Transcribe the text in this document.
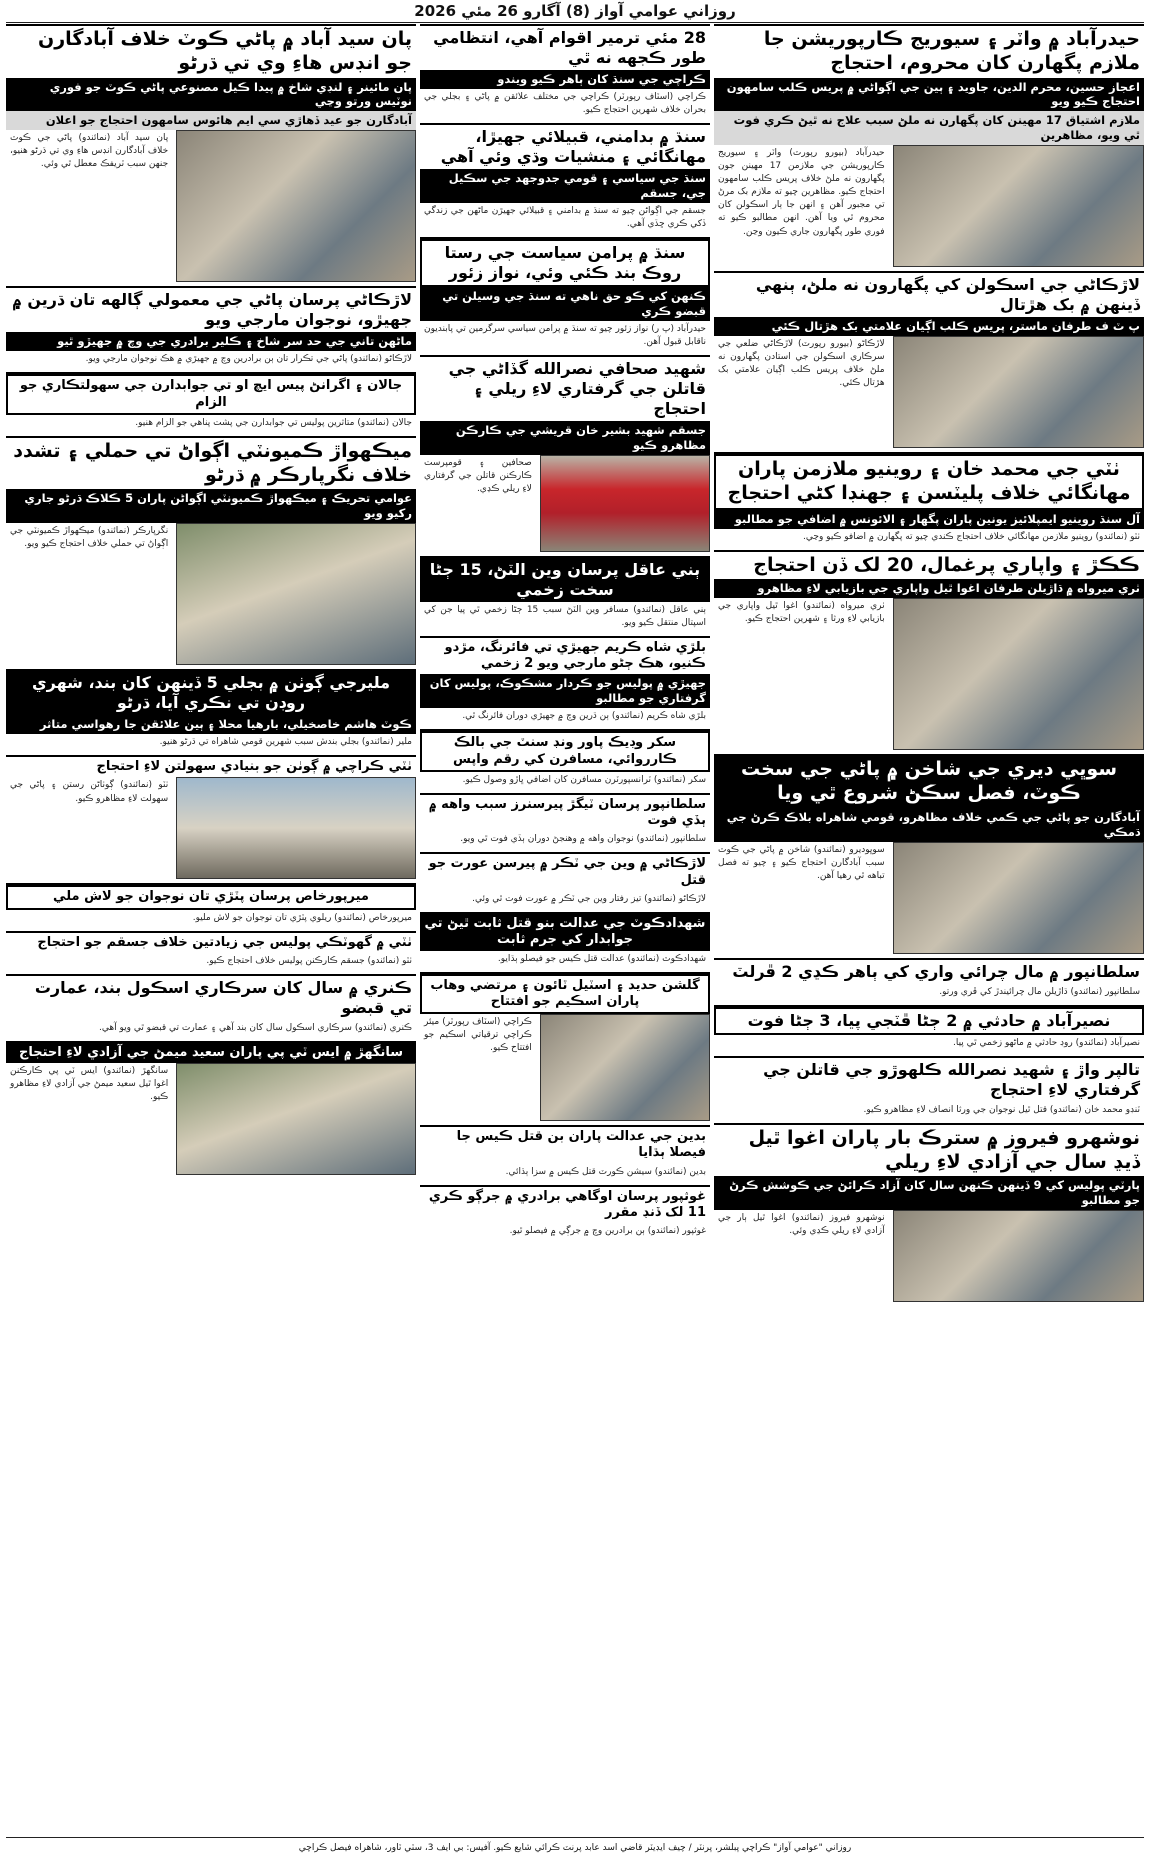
روزاني عوامي آواز (8) آگارو 26 مئي 2026
حيدرآباد ۾ واٽر ۽ سيوريج ڪارپوريشن جا ملازم پگهارن کان محروم، احتجاج
اعجاز حسين، محرم الدين، جاويد ۽ ٻين جي اڳواڻي ۾ پريس ڪلب سامهون احتجاج ڪيو ويو
ملازم اشتياق 17 مهينن کان پگهارن نه ملڻ سبب علاج نه ٿيڻ ڪري فوت ٿي ويو، مظاهرين
حيدرآباد (بيورو رپورٽ) واٽر ۽ سيوريج ڪارپوريشن جي ملازمن 17 مهينن جون پگهارون نه ملڻ خلاف پريس ڪلب سامهون احتجاج ڪيو. مظاهرين چيو ته ملازم بک مرڻ تي مجبور آهن ۽ انهن جا ٻار اسڪولن کان محروم ٿي ويا آهن. انهن مطالبو ڪيو ته فوري طور پگهارون جاري ڪيون وڃن.
لاڙڪاڻي جي اسڪولن کي پگهارون نه ملڻ، ٻنهي ڏينهن ۾ بک هڙتال
پ ٽ ف طرفان ماستر، پريس ڪلب اڳيان علامتي بک هڙتال ڪئي
لاڙڪاڻو (بيورو رپورٽ) لاڙڪاڻي ضلعي جي سرڪاري اسڪولن جي استادن پگهارون نه ملڻ خلاف پريس ڪلب اڳيان علامتي بک هڙتال ڪئي.
ٺٽي جي محمد خان ۽ روينيو ملازمن پاران مهانگائي خلاف پليٽسن ۽ جهنڊا کڻي احتجاج
آل سنڌ روينيو ايمپلائيز يونين پاران پگهار ۽ الائونس ۾ اضافي جو مطالبو
ٺٽو (نمائندو) روينيو ملازمن مهانگائي خلاف احتجاج ڪندي چيو ته پگهارن ۾ اضافو ڪيو وڃي.
ڪڪڙ ۽ واپاري پرغمال، 20 لک ڏن احتجاج
ٺري ميرواه ۾ ڌاڙيلن طرفان اغوا ٿيل واپاري جي بازيابي لاءِ مظاهرو
ٺري ميرواه (نمائندو) اغوا ٿيل واپاري جي بازيابي لاءِ ورثا ۽ شهرين احتجاج ڪيو.
سوڀي ديري جي شاخن ۾ پاڻي جي سخت ڪوٽ، فصل سڪڻ شروع ٿي ويا
آبادگارن جو پاڻي جي ڪمي خلاف مظاهرو، قومي شاهراه بلاڪ ڪرڻ جي ڌمڪي
سوڀوديرو (نمائندو) شاخن ۾ پاڻي جي ڪوٽ سبب آبادگارن احتجاج ڪيو ۽ چيو ته فصل تباهه ٿي رهيا آهن.
سلطانپور ۾ مال چرائي واري کي ٻاهر ڪڍي 2 ڦرلٽ
سلطانپور (نمائندو) ڌاڙيلن مال چرائيندڙ کي ڦري ورتو.
نصيرآباد ۾ حادثي ۾ 2 ڄڻا ڦٽجي پيا، 3 ڄڻا فوت
نصيرآباد (نمائندو) روڊ حادثي ۾ ماڻهو زخمي ٿي پيا.
تالپر واڙ ۽ شهيد نصرالله ڪلهوڙو جي قاتلن جي گرفتاري لاءِ احتجاج
ٽنڊو محمد خان (نمائندو) قتل ٿيل نوجوان جي ورثا انصاف لاءِ مظاهرو ڪيو.
نوشهرو فيروز ۾ سترڪ بار پاران اغوا ٿيل ڏيڍ سال جي آزادي لاءِ ريلي
پارٽي پوليس کي 9 ڏينهن ڪنهن سال کان آزاد ڪرائڻ جي ڪوشش ڪرڻ جو مطالبو
نوشهرو فيروز (نمائندو) اغوا ٿيل ٻار جي آزادي لاءِ ريلي ڪڍي وئي.
28 مئي ترمير اقوام آهي، انتظامي طور ڪجهه نه ٿي
ڪراچي جي سنڌ کان ٻاهر ڪيو ويندو
ڪراچي (اسٽاف رپورٽر) ڪراچي جي مختلف علائقن ۾ پاڻي ۽ بجلي جي بحران خلاف شهرين احتجاج ڪيو.
سنڌ ۾ بدامني، قبيلائي جهيڙا، مهانگائي ۽ منشيات وڌي وئي آهي
سنڌ جي سياسي ۽ قومي جدوجهد جي سڪيل جي، جسقم
جسقم جي اڳواڻن چيو ته سنڌ ۾ بدامني ۽ قبيلائي جهيڙن ماڻهن جي زندگي ڏکي ڪري ڇڏي آهي.
سنڌ ۾ پرامن سياست جي رستا روڪ بند ڪئي وئي، نواز زئور
ڪنهن کي ڪو حق ناهي ته سنڌ جي وسيلن تي قبضو ڪري
حيدرآباد (پ ر) نواز زئور چيو ته سنڌ ۾ پرامن سياسي سرگرمين تي پابنديون ناقابل قبول آهن.
شهيد صحافي نصرالله گڏاڻي جي قاتلن جي گرفتاري لاءِ ريلي ۽ احتجاج
جسقم شهيد بشير خان قريشي جي ڪارڪن مظاهرو ڪيو
صحافين ۽ قومپرست ڪارڪنن قاتلن جي گرفتاري لاءِ ريلي ڪڍي.
ٻني عاقل پرسان وين الٽڻ، 15 ڄڻا سخت زخمي
ٻني عاقل (نمائندو) مسافر وين الٽڻ سبب 15 ڄڻا زخمي ٿي پيا جن کي اسپتال منتقل ڪيو ويو.
بلڙي شاه ڪريم جهيڙي تي فائرنگ، مڙدو ڪنيو، هڪ ڄڻو مارجي ويو 2 زخمي
جهيڙي ۾ پوليس جو ڪردار مشڪوڪ، پوليس کان گرفتاري جو مطالبو
بلڙي شاه ڪريم (نمائندو) ٻن ڌرين وچ ۾ جهيڙي دوران فائرنگ ٿي.
سکر وڊيڪ پاور ونڊ سنٽ جي بالڪ ڪارروائي، مسافرن کي رقم واپس
سکر (نمائندو) ٽرانسپورٽرن مسافرن کان اضافي ڀاڙو وصول ڪيو.
سلطانپور پرسان ٽيگڙ پيرسنرز سبب واهه ۾ ٻڏي فوت
سلطانپور (نمائندو) نوجوان واهه ۾ وهنجڻ دوران ٻڏي فوت ٿي ويو.
لاڙڪاڻي ۾ وين جي ٽڪر ۾ پيرسن عورت جو قتل
لاڙڪاڻو (نمائندو) تيز رفتار وين جي ٽڪر ۾ عورت فوت ٿي وئي.
شهدادڪوٽ جي عدالت بنو قتل ثابت ٿيڻ تي جوابدار کي جرم ثابت
شهدادڪوٽ (نمائندو) عدالت قتل ڪيس جو فيصلو ٻڌايو.
گلشن حديد ۽ اسٽيل ٽائون ۽ مرتضي وهاب پاران اسڪيم جو افتتاح
ڪراچي (اسٽاف رپورٽر) ميئر ڪراچي ترقياتي اسڪيم جو افتتاح ڪيو.
بدين جي عدالت پاران بن قتل ڪيس جا فيصلا ٻڌايا
بدين (نمائندو) سيشن ڪورٽ قتل ڪيس ۾ سزا ٻڌائي.
غوثپور پرسان اوگاهي برادري ۾ جرڳو ڪري 11 لک ڏنڊ مقرر
غوثپور (نمائندو) ٻن برادرين وچ ۾ جرڳي ۾ فيصلو ٿيو.
پان سيد آباد ۾ پاڻي ڪوٽ خلاف آبادگارن جو انڊس هاءِ وي تي ڌرڻو
پان مائينر ۽ لنڊي شاخ ۾ پيدا ڪيل مصنوعي پاڻي ڪوٽ جو فوري نوٽيس ورتو وڃي
آبادگارن جو عيد ڏهاڙي سي ايم هائوس سامهون احتجاج جو اعلان
پان سيد آباد (نمائندو) پاڻي جي ڪوٽ خلاف آبادگارن انڊس هاءِ وي تي ڌرڻو هنيو، جنهن سبب ٽريفڪ معطل ٿي وئي.
لاڙڪاڻي پرسان پاڻي جي معمولي ڳالهه تان ڌرين ۾ جهيڙو، نوجوان مارجي ويو
ماڻهن تاني جي حد سر شاخ ۽ ڪلير برادري جي وچ ۾ جهيڙو ٿيو
لاڙڪاڻو (نمائندو) پاڻي جي تڪرار تان ٻن برادرين وچ ۾ جهيڙي ۾ هڪ نوجوان مارجي ويو.
جالان ۽ اگرانڻ پيس ايچ او تي جوابدارن جي سهولتڪاري جو الزام
جالان (نمائندو) متاثرين پوليس تي جوابدارن جي پشت پناهي جو الزام هنيو.
ميڪهواڙ ڪميونٽي اڳواڻ تي حملي ۽ تشدد خلاف نگرپارڪر ۾ ڌرڻو
عوامي تحريڪ ۽ ميڪهواڙ ڪميونٽي اڳواڻن پاران 5 ڪلاڪ ڌرڻو جاري رکيو ويو
نگرپارڪر (نمائندو) ميڪهواڙ ڪميونٽي جي اڳواڻ تي حملي خلاف احتجاج ڪيو ويو.
مليرجي ڳوٺن ۾ بجلي 5 ڏينهن کان بند، شهري روڊن تي نڪري آيا، ڌرڻو
ڪوٽ هاشم خاصخيلي، بارهيا محلا ۽ ٻين علائقن جا رهواسي متاثر
ملير (نمائندو) بجلي بندش سبب شهرين قومي شاهراه تي ڌرڻو هنيو.
ٺٽي ڪراچي ۾ ڳوٺن جو بنيادي سهولتن لاءِ احتجاج
ٺٽو (نمائندو) ڳوٺاڻن رستن ۽ پاڻي جي سهولت لاءِ مظاهرو ڪيو.
ميرپورخاص پرسان پٽڙي تان نوجوان جو لاش ملي
ميرپورخاص (نمائندو) ريلوي پٽڙي تان نوجوان جو لاش مليو.
ٺٽي ۾ گهوٽڪي پوليس جي زيادتين خلاف جسقم جو احتجاج
ٺٽو (نمائندو) جسقم ڪارڪنن پوليس خلاف احتجاج ڪيو.
ڪنري ۾ سال کان سرڪاري اسڪول بند، عمارت تي قبضو
ڪنري (نمائندو) سرڪاري اسڪول سال کان بند آهي ۽ عمارت تي قبضو ٿي ويو آهي.
سانگهڙ ۾ ايس ٽي پي پاران سعيد ميمڻ جي آزادي لاءِ احتجاج
سانگهڙ (نمائندو) ايس ٽي پي ڪارڪنن اغوا ٿيل سعيد ميمڻ جي آزادي لاءِ مظاهرو ڪيو.
روزاني "عوامي آواز" ڪراچي پبلشر، پرنٽر / چيف ايڊيٽر قاضي اسد عابد پرنٽ ڪرائي شايع ڪيو. آفيس: بي ايف 3، سٽي ٽاور، شاهراه فيصل ڪراچي
